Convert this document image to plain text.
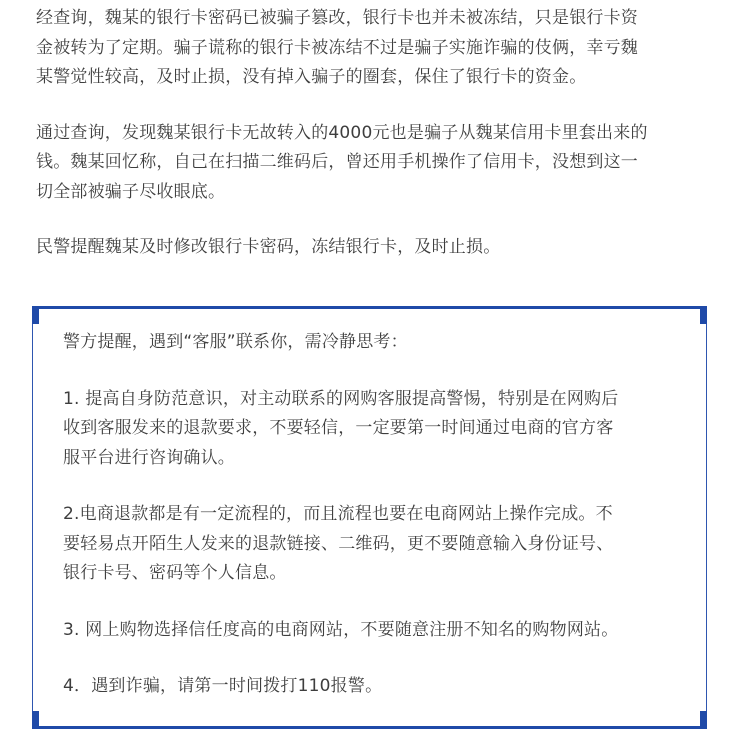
经查询，魏某的银行卡密码已被骗子篡改，银行卡也并未被冻结，只是银行卡资
金被转为了定期。骗子谎称的银行卡被冻结不过是骗子实施诈骗的伎俩，幸亏魏
某警觉性较高，及时止损，没有掉入骗子的圈套，保住了银行卡的资金。

通过查询，发现魏某银行卡无故转入的4000元也是骗子从魏某信用卡里套出来的
钱。魏某回忆称，自己在扫描二维码后，曾还用手机操作了信用卡，没想到这一
切全部被骗子尽收眼底。

民警提醒魏某及时修改银行卡密码，冻结银行卡，及时止损。

警方提醒，遇到“客服”联系你，需冷静思考：

1. 提高自身防范意识，对主动联系的网购客服提高警惕，特别是在网购后
收到客服发来的退款要求，不要轻信，一定要第一时间通过电商的官方客
服平台进行咨询确认。

2.电商退款都是有一定流程的，而且流程也要在电商网站上操作完成。不
要轻易点开陌生人发来的退款链接、二维码，更不要随意输入身份证号、
银行卡号、密码等个人信息。

3. 网上购物选择信任度高的电商网站，不要随意注册不知名的购物网站。

4．遇到诈骗，请第一时间拨打110报警。
